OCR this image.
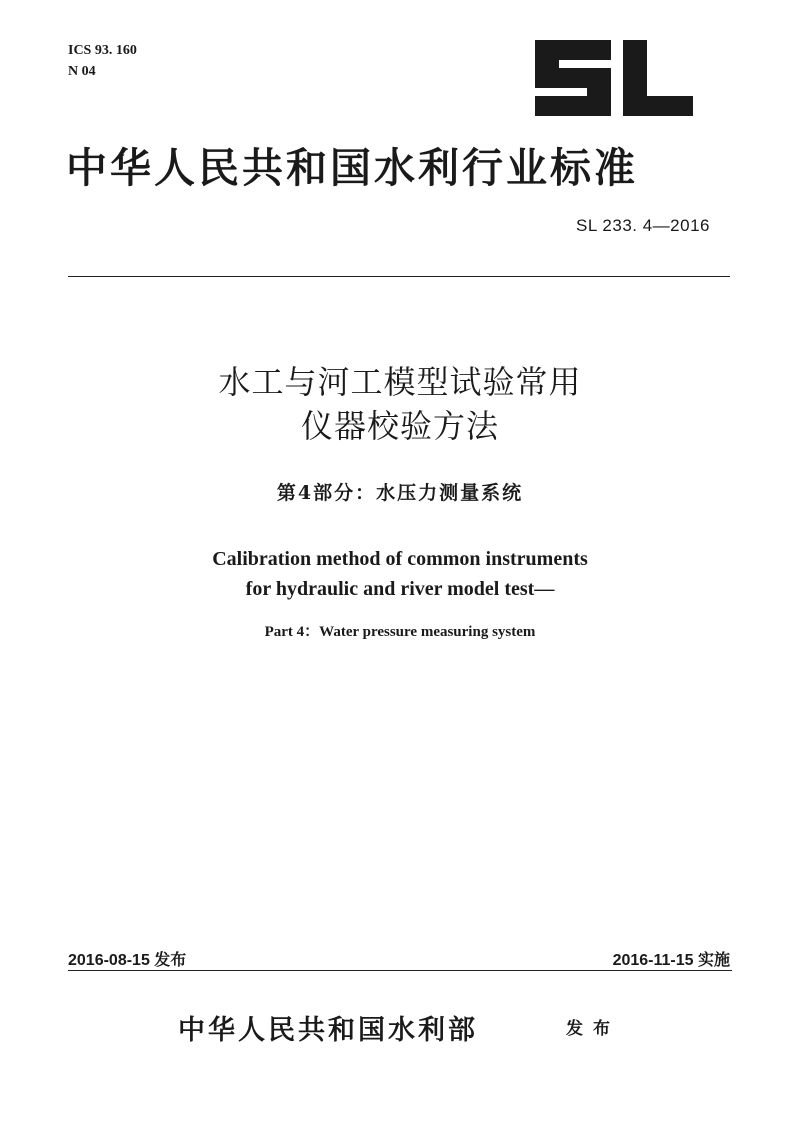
ICS 93. 160
N 04
中华人民共和国水利行业标准
SL 233. 4—2016
水工与河工模型试验常用
仪器校验方法
第4部分：水压力测量系统
Calibration method of common instruments
for hydraulic and river model test—
Part 4：Water pressure measuring system
2016-08-15 发布	2016-11-15 实施
中华人民共和国水利部	发布
